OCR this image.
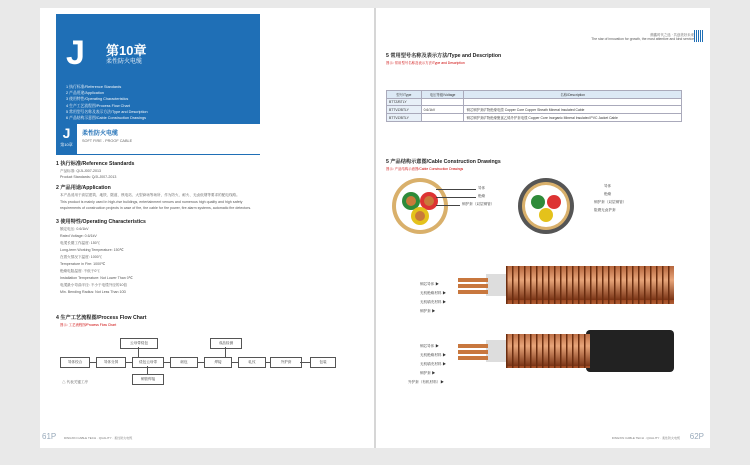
J 第10章
柔性防火电缆
1 执行标准/Reference Standards
2 产品用途/Application
3 使用特性/Operating Characteristics
4 生产工艺流程图/Process Flow Chart
5 常用型号名称及表示方法/Type and Description
6 产品结构示意图/Cable Construction Drawings
J
第10章
柔性防火电缆
SOFT FIRE - PROOF CABLE
1 执行标准/Reference Standards
产品标准: Q/JLJ007-2013
Product Standards: Q/JLJ007-2013
2 产品用途/Application
本产品适用于高层建筑、地铁、隧道、核电站、大型商场等场所，作为防火、耐火、无卤低烟等要求的配电线路。
This product is mainly used in high-rise buildings, entertainment venues and numerous high quality and high safety
requirements of construction projects in case of fire, the cable for fire power, fire alarm systems, automatic fire detectors.
3 使用特性/Operating Characteristics
额定电压: 0.6/1kV
Rated Voltage: 0.6/1kV
电缆长期工作温度: 150℃
Long-term Working Temperature: 150℃
在着火情况下温度: 1000℃
Temperature in Fire: 1000℃
绝缘电阻温度: 不低于0℃
Installation Temperature: Not Lower Than 0℃
电缆最小弯曲半径: 不小于电缆外径的10倍
Min. Bending Radius: Not Less Than 10D
4 生产工艺流程图/Process Flow Chart
图示: 工艺流程图/Process Flow Chart
导体绞合	导体分屏	绕包云母带	纵包	焊接	轧纹	外护套
云母带绕包	成品检测
铜管焊接
包装
△ 代表关键工序
61P	DINGXIN CABLE TECH · QUALITY · 柔性防火电缆
鼎鑫时代之选 · 共创美好未来
The star of innovation for growth, the most attentive and kind service
5 常用型号名称及表示方法/Type and Description
图示: 常用型号名称及表示方法/Type and Description
型号/Type	电压等级/Voltage	名称/Description
BTTZ/BTLY		
BTTVZ/BTLY	0.6/1kV	铜芯铜护套矿物绝缘电缆 Copper Core Copper Sheath Mineral Insulated Cable
BTTVZ/BTLY		铜芯铜护套矿物绝缘聚氯乙烯外护套电缆 Copper Core Inorganic Mineral Insulated PVC Jacket Cable
5 产品结构示意图/Cable Construction Drawings
图示: 产品结构示意图/Cable Construction Drawings
导体
绝缘
铜护套（双层铜管）
导体
绝缘
铜护套（双层铜管）
阻燃无卤护套
铜芯导体 ▶
无机绝缘材料 ▶
无机填充材料 ▶
铜护套 ▶
铜芯导体 ▶
无机绝缘材料 ▶
无机填充材料 ▶
铜护套 ▶
外护套（有机材料）▶
DINGXIN CABLE TECH · QUALITY · 柔性防火电缆 62P
